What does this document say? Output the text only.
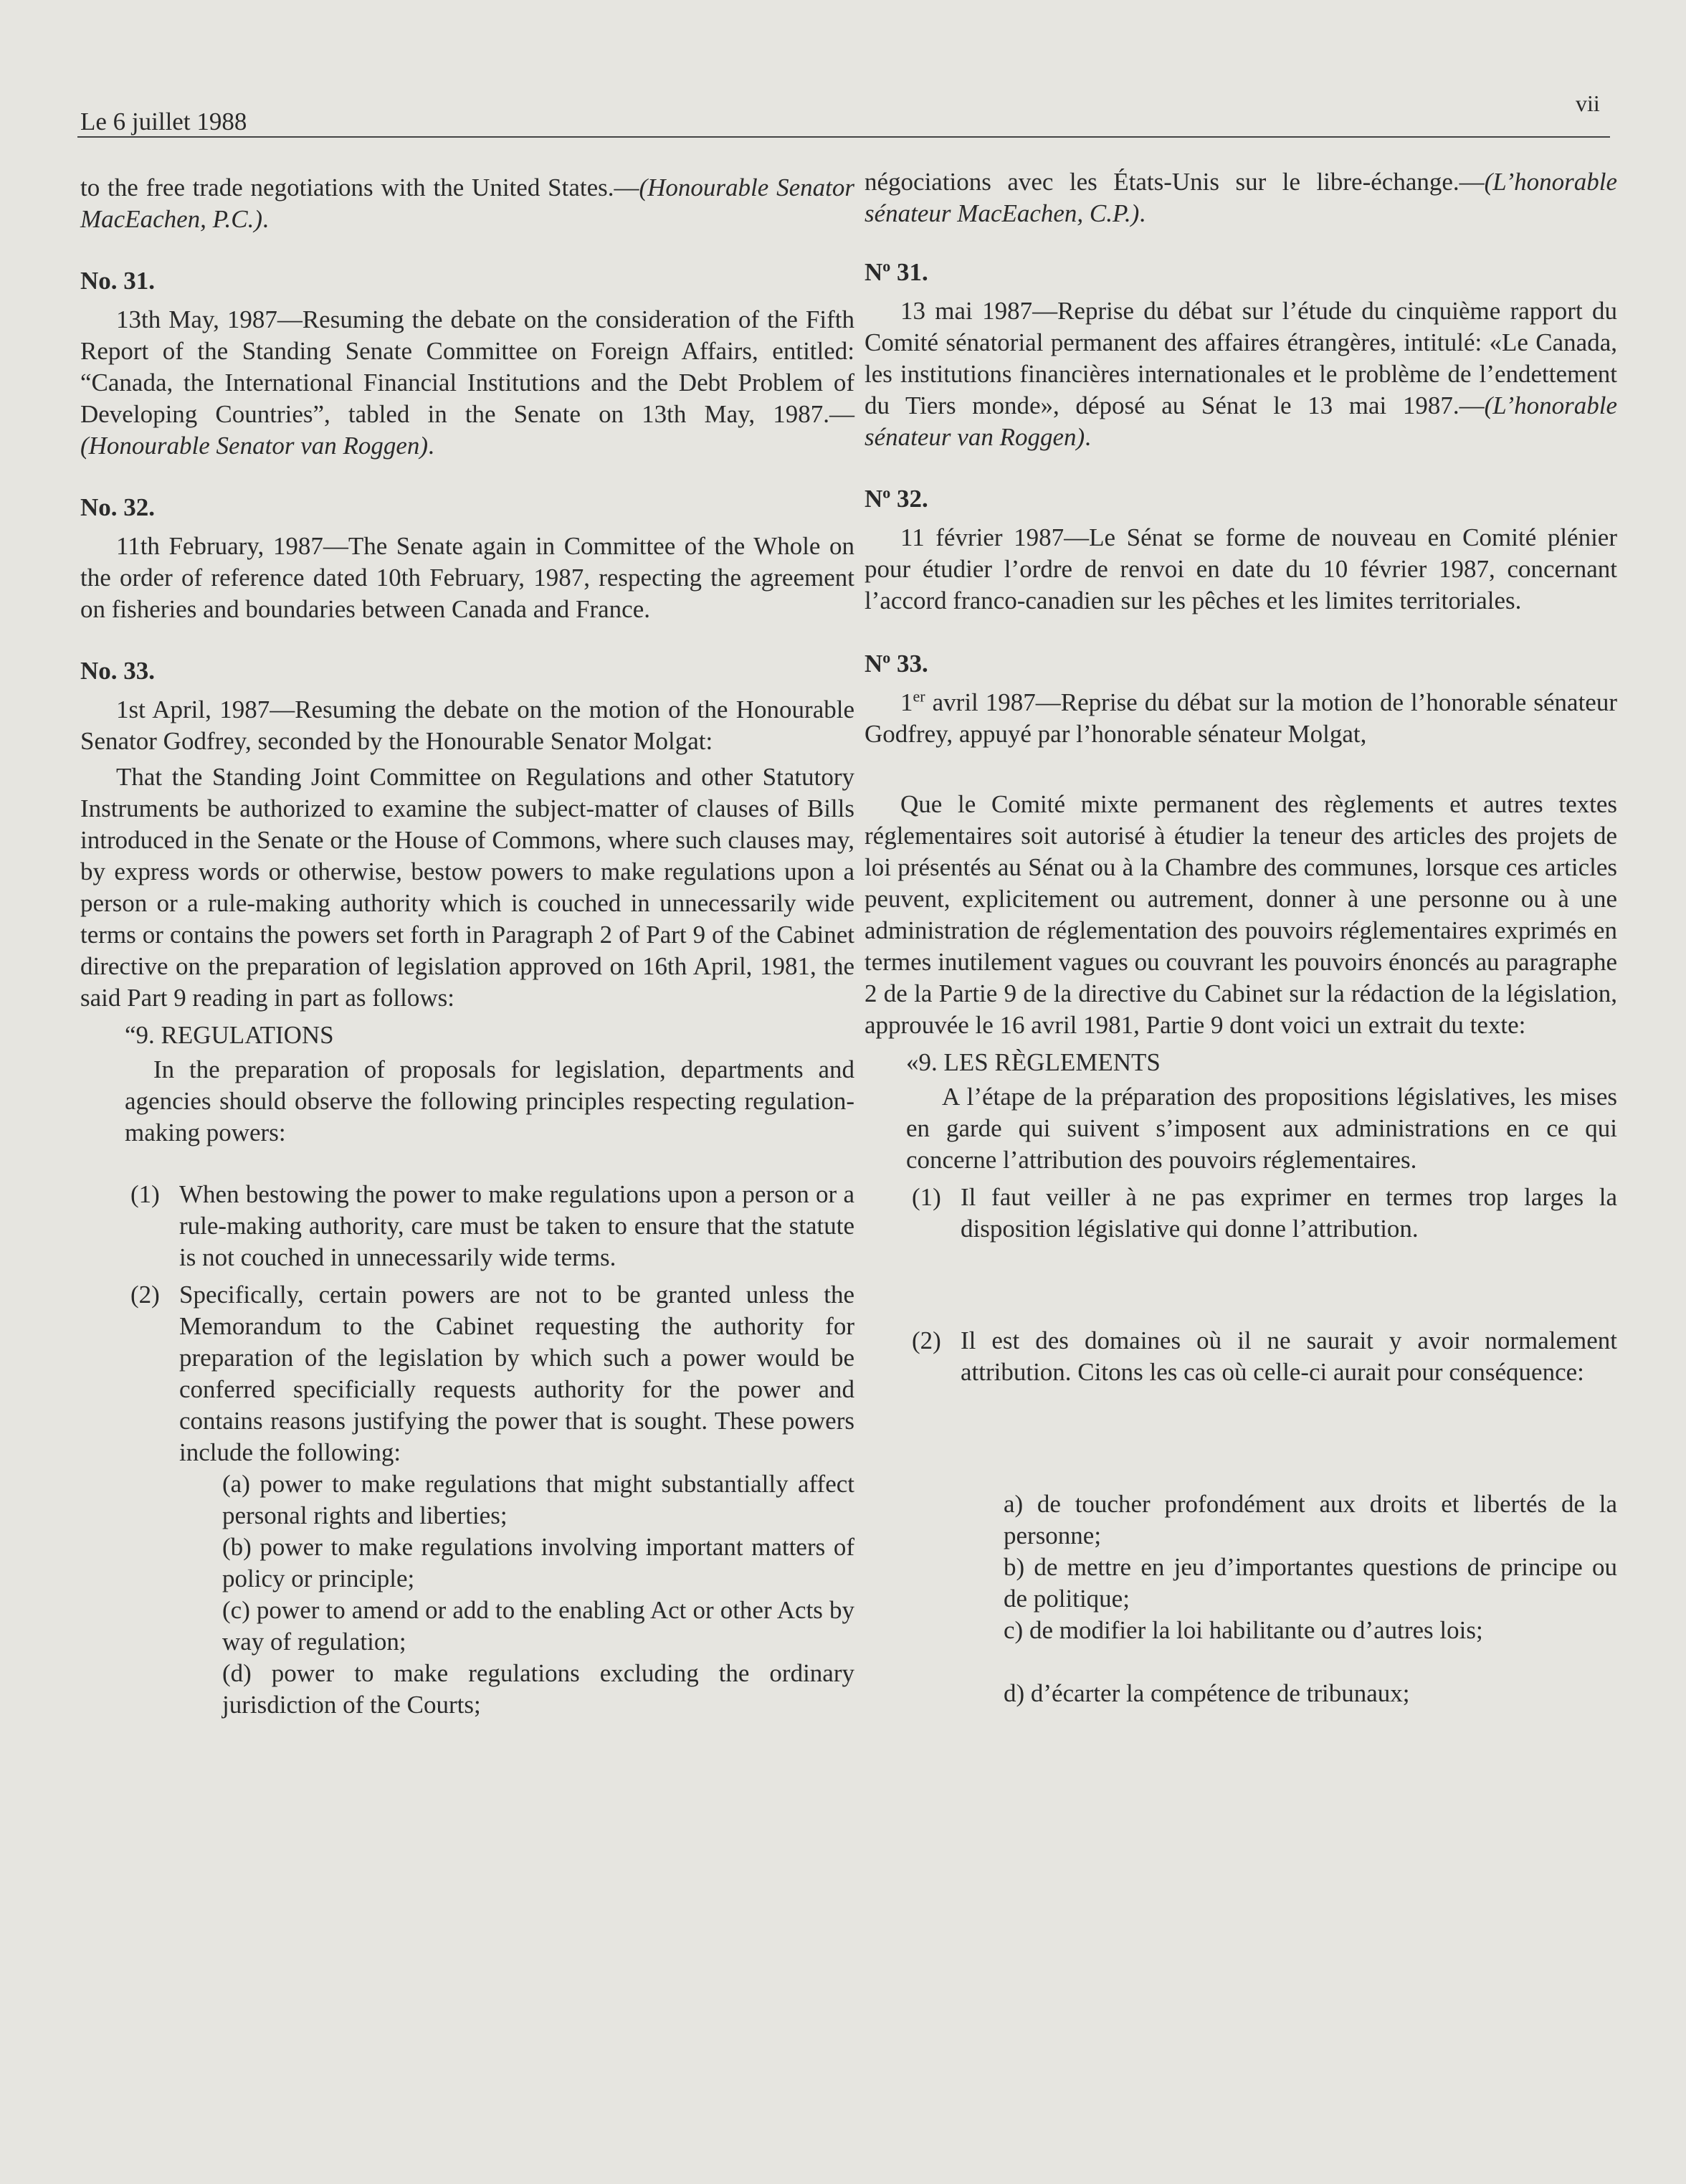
Le 6 juillet 1988
vii

to the free trade negotiations with the United States.—(Honourable Senator MacEachen, P.C.).

No. 31.

13th May, 1987—Resuming the debate on the consideration of the Fifth Report of the Standing Senate Committee on Foreign Affairs, entitled: “Canada, the International Financial Institutions and the Debt Problem of Developing Countries”, tabled in the Senate on 13th May, 1987.—(Honourable Senator van Roggen).

No. 32.

11th February, 1987—The Senate again in Committee of the Whole on the order of reference dated 10th February, 1987, respecting the agreement on fisheries and boundaries between Canada and France.

No. 33.

1st April, 1987—Resuming the debate on the motion of the Honourable Senator Godfrey, seconded by the Honourable Senator Molgat:

That the Standing Joint Committee on Regulations and other Statutory Instruments be authorized to examine the subject-matter of clauses of Bills introduced in the Senate or the House of Commons, where such clauses may, by express words or otherwise, bestow powers to make regulations upon a person or a rule-making authority which is couched in unnecessarily wide terms or contains the powers set forth in Paragraph 2 of Part 9 of the Cabinet directive on the preparation of legislation approved on 16th April, 1981, the said Part 9 reading in part as follows:

“9. REGULATIONS

In the preparation of proposals for legislation, departments and agencies should observe the following principles respecting regulation-making powers:

(1) When bestowing the power to make regulations upon a person or a rule-making authority, care must be taken to ensure that the statute is not couched in unnecessarily wide terms.
(2) Specifically, certain powers are not to be granted unless the Memorandum to the Cabinet requesting the authority for preparation of the legislation by which such a power would be conferred specificially requests authority for the power and contains reasons justifying the power that is sought. These powers include the following:
(a) power to make regulations that might substantially affect personal rights and liberties;
(b) power to make regulations involving important matters of policy or principle;
(c) power to amend or add to the enabling Act or other Acts by way of regulation;
(d) power to make regulations excluding the ordinary jurisdiction of the Courts;

négociations avec les États-Unis sur le libre-échange.—(L’honorable sénateur MacEachen, C.P.).

$N^o$ 31.

13 mai 1987—Reprise du débat sur l’étude du cinquième rapport du Comité sénatorial permanent des affaires étrangères, intitulé: «Le Canada, les institutions financières internationales et le problème de l’endettement du Tiers monde», déposé au Sénat le 13 mai 1987.—(L’honorable sénateur van Roggen).

$N^o$ 32.

11 février 1987—Le Sénat se forme de nouveau en Comité plénier pour étudier l’ordre de renvoi en date du 10 février 1987, concernant l’accord franco-canadien sur les pêches et les limites territoriales.

$N^o$ 33.

1er avril 1987—Reprise du débat sur la motion de l’honorable sénateur Godfrey, appuyé par l’honorable sénateur Molgat,

Que le Comité mixte permanent des règlements et autres textes réglementaires soit autorisé à étudier la teneur des articles des projets de loi présentés au Sénat ou à la Chambre des communes, lorsque ces articles peuvent, explicitement ou autrement, donner à une personne ou à une administration de réglementation des pouvoirs réglementaires exprimés en termes inutilement vagues ou couvrant les pouvoirs énoncés au paragraphe 2 de la Partie 9 de la directive du Cabinet sur la rédaction de la législation, approuvée le 16 avril 1981, Partie 9 dont voici un extrait du texte:

«9. LES RÈGLEMENTS

A l’étape de la préparation des propositions législatives, les mises en garde qui suivent s’imposent aux administrations en ce qui concerne l’attribution des pouvoirs réglementaires.

(1) Il faut veiller à ne pas exprimer en termes trop larges la disposition législative qui donne l’attribution.
(2) Il est des domaines où il ne saurait y avoir normalement attribution. Citons les cas où celle-ci aurait pour conséquence:
a) de toucher profondément aux droits et libertés de la personne;
b) de mettre en jeu d’importantes questions de principe ou de politique;
c) de modifier la loi habilitante ou d’autres lois;
d) d’écarter la compétence de tribunaux;
